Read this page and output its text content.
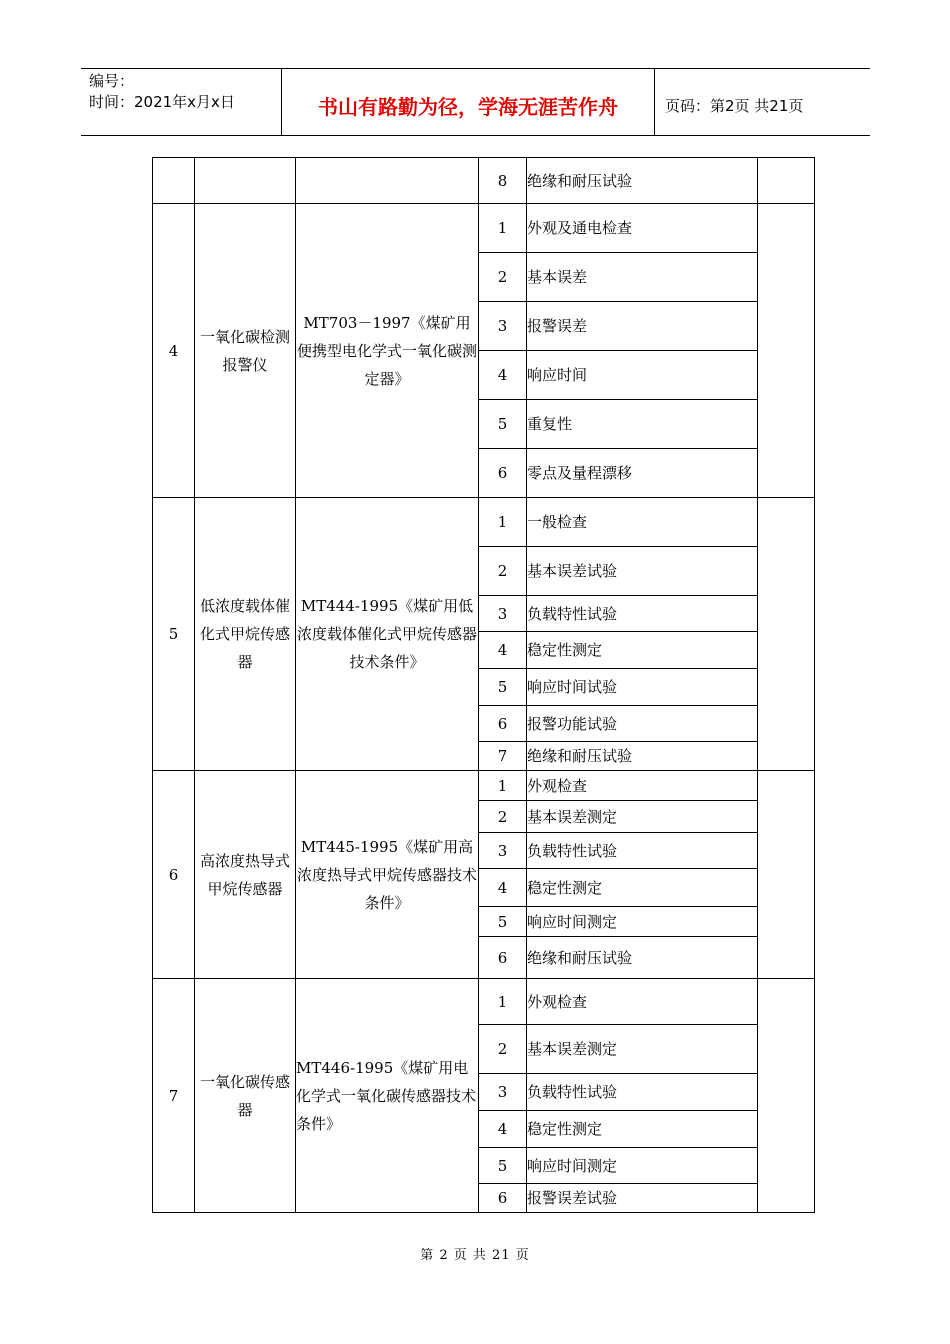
编号：
时间：2021年x月x日	书山有路勤为径，学海无涯苦作舟	页码：第2页 共21页
			8	绝缘和耐压试验	
4	一氧化碳检测报警仪	MT703－1997《煤矿用便携型电化学式一氧化碳测定器》	1	外观及通电检查	
			2	基本误差	
			3	报警误差	
			4	响应时间	
			5	重复性	
			6	零点及量程漂移	
5	低浓度载体催化式甲烷传感器	MT444-1995《煤矿用低浓度载体催化式甲烷传感器技术条件》	1	一般检查	
			2	基本误差试验	
			3	负载特性试验	
			4	稳定性测定	
			5	响应时间试验	
			6	报警功能试验	
			7	绝缘和耐压试验	
6	高浓度热导式甲烷传感器	MT445-1995《煤矿用高浓度热导式甲烷传感器技术条件》	1	外观检查	
			2	基本误差测定	
			3	负载特性试验	
			4	稳定性测定	
			5	响应时间测定	
			6	绝缘和耐压试验	
7	一氧化碳传感器	MT446-1995《煤矿用电化学式一氧化碳传感器技术条件》	1	外观检查	
			2	基本误差测定	
			3	负载特性试验	
			4	稳定性测定	
			5	响应时间测定	
			6	报警误差试验	
第 2 页 共 21 页
